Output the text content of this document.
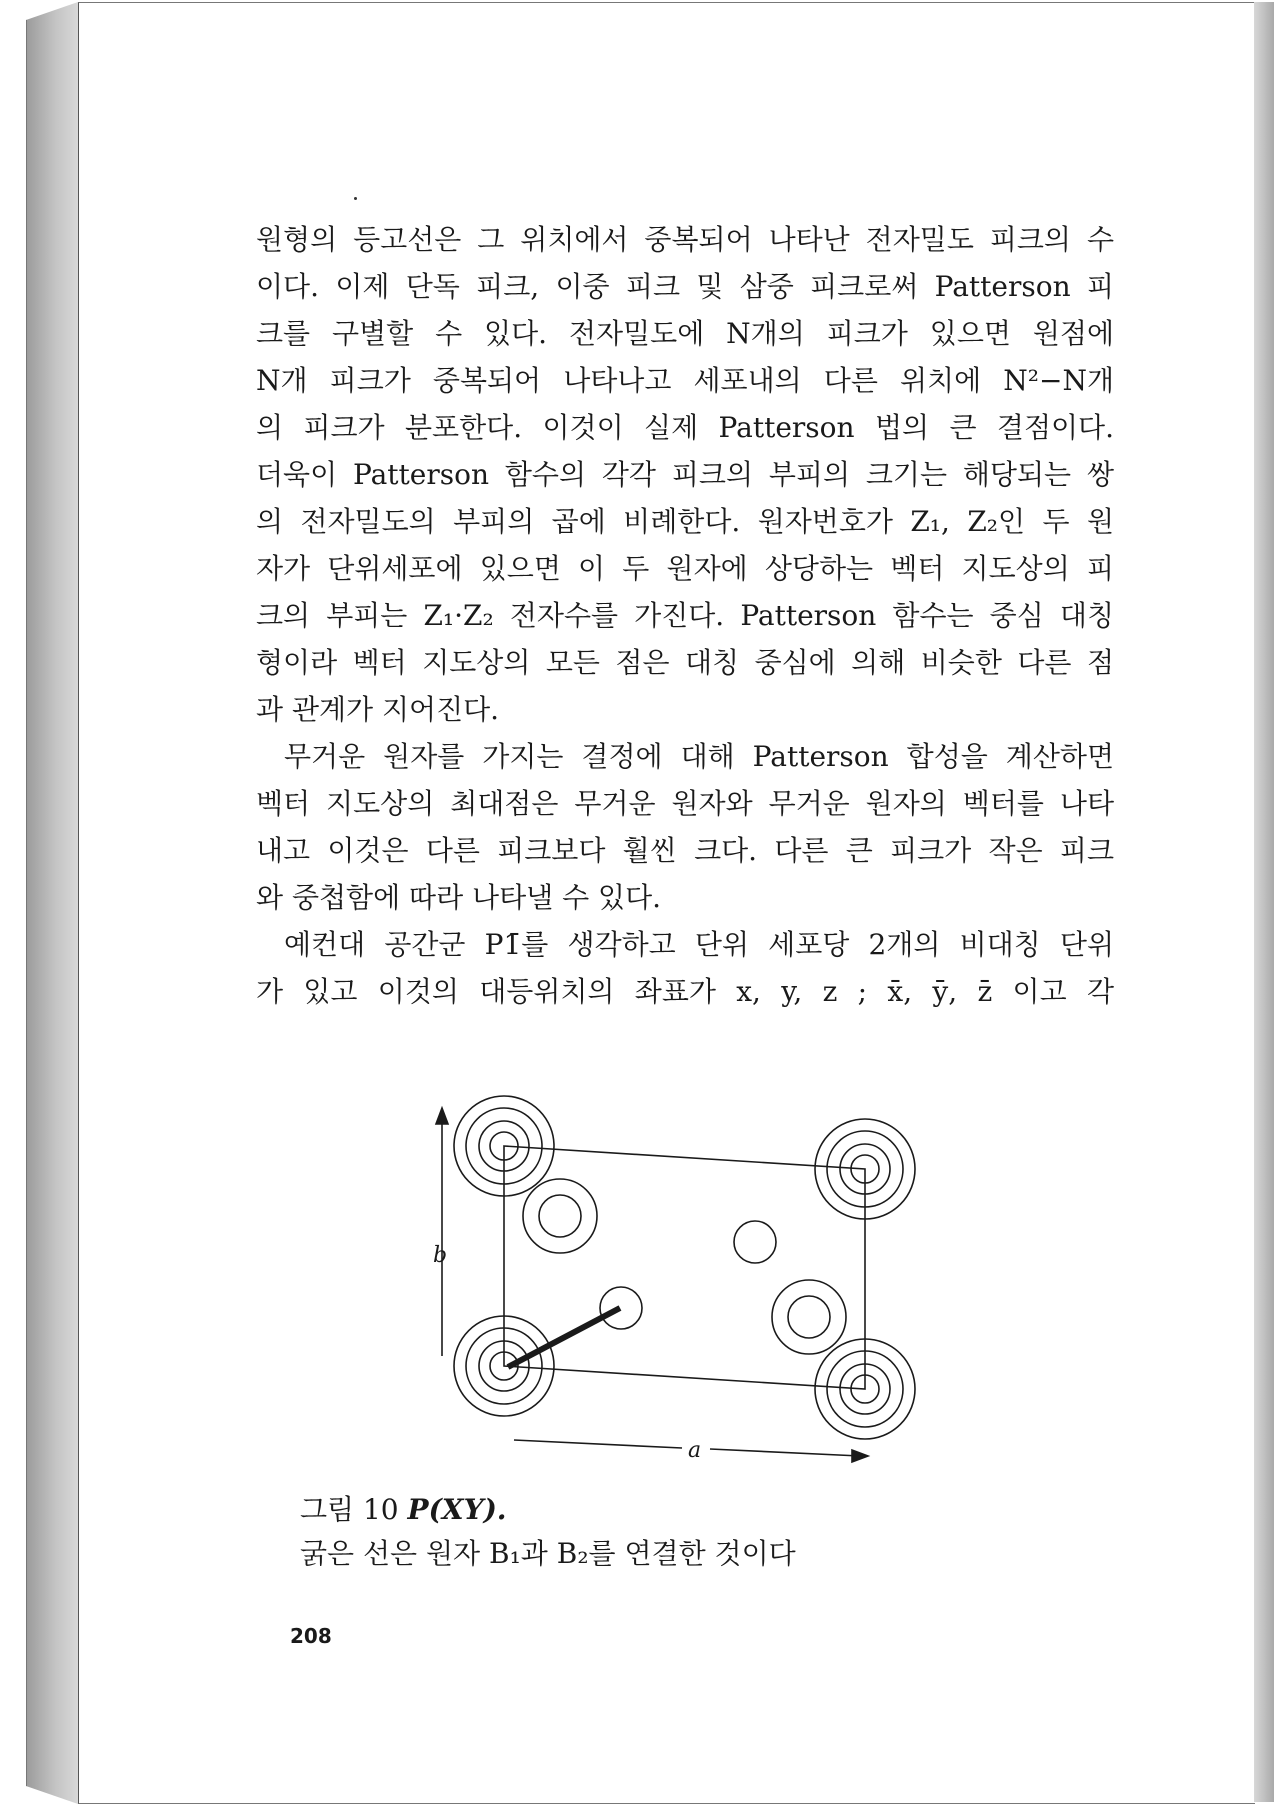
원형의 등고선은 그 위치에서 중복되어 나타난 전자밀도 피크의 수
이다. 이제 단독 피크, 이중 피크 및 삼중 피크로써 Patterson 피
크를 구별할 수 있다. 전자밀도에 N개의 피크가 있으면 원점에
N개 피크가 중복되어 나타나고 세포내의 다른 위치에 N²−N개
의 피크가 분포한다. 이것이 실제 Patterson 법의 큰 결점이다.
더욱이 Patterson 함수의 각각 피크의 부피의 크기는 해당되는 쌍
의 전자밀도의 부피의 곱에 비례한다. 원자번호가 Z₁, Z₂인 두 원
자가 단위세포에 있으면 이 두 원자에 상당하는 벡터 지도상의 피
크의 부피는 Z₁·Z₂ 전자수를 가진다. Patterson 함수는 중심 대칭
형이라 벡터 지도상의 모든 점은 대칭 중심에 의해 비슷한 다른 점
과 관계가 지어진다.
무거운 원자를 가지는 결정에 대해 Patterson 합성을 계산하면
벡터 지도상의 최대점은 무거운 원자와 무거운 원자의 벡터를 나타
내고 이것은 다른 피크보다 훨씬 크다. 다른 큰 피크가 작은 피크
와 중첩함에 따라 나타낼 수 있다.
예컨대 공간군 P1̄를 생각하고 단위 세포당 2개의 비대칭 단위
가 있고 이것의 대등위치의 좌표가 x, y, z ; x̄, ȳ, z̄ 이고 각
b
a
그림 10 P(XY).
굵은 선은 원자 B₁과 B₂를 연결한 것이다
208
